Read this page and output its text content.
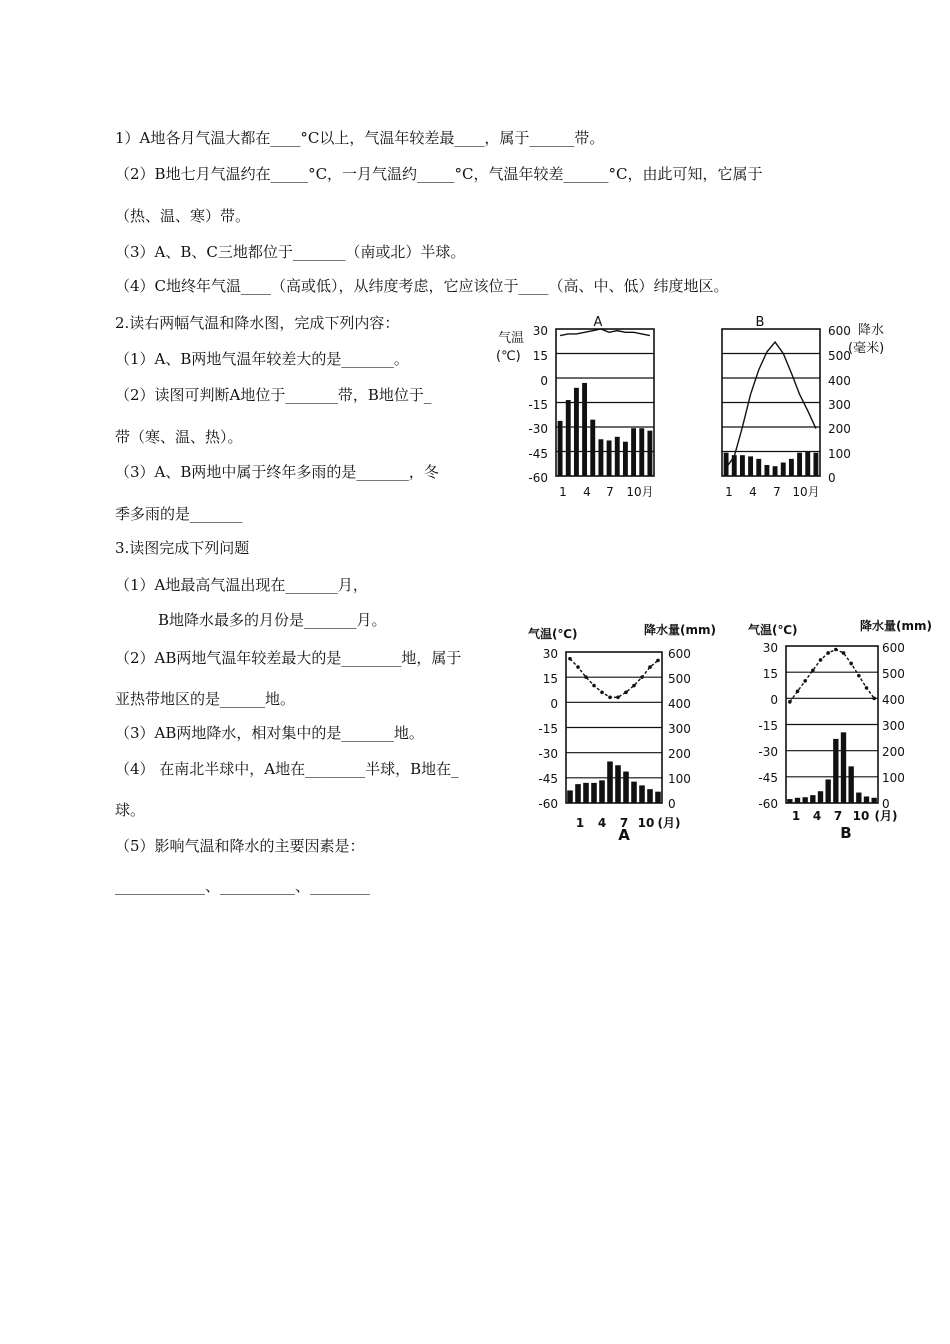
1）A地各月气温大都在____°C以上，气温年较差最____，属于______带。
（2）B地七月气温约在_____°C，一月气温约_____°C，气温年较差______°C，由此可知，它属于
（热、温、寒）带。
（3）A、B、C三地都位于_______（南或北）半球。
（4）C地终年气温____（高或低），从纬度考虑，它应该位于____（高、中、低）纬度地区。
2.读右两幅气温和降水图，完成下列内容：
（1）A、B两地气温年较差大的是_______。
（2）读图可判断A地位于_______带，B地位于_
带（寒、温、热）。
（3）A、B两地中属于终年多雨的是_______，冬
季多雨的是_______
3.读图完成下列问题
（1）A地最高气温出现在_______月，
B地降水最多的月份是_______月。
（2）AB两地气温年较差最大的是________地，属于
亚热带地区的是______地。
（3）AB两地降水，相对集中的是_______地。
（4） 在南北半球中，A地在________半球，B地在_
球。
（5）影响气温和降水的主要因素是：
____________、__________、________
气温
(℃)
降水
(毫米)
30
15
0
-15
-30
-45
-60
600
500
400
300
200
100
0
A	B
1 4 7 10月	1 4 7 10月
气温(℃)	降水量(mm)	气温(℃)	降水量(mm)
30
15
0
-15
-30
-45
-60
600
500
400
300
200
100
0
30
15
0
-15
-30
-45
-60
600
500
400
300
200
100
0
1 4 7 10 (月)
A
1 4 7 10 (月)
B
